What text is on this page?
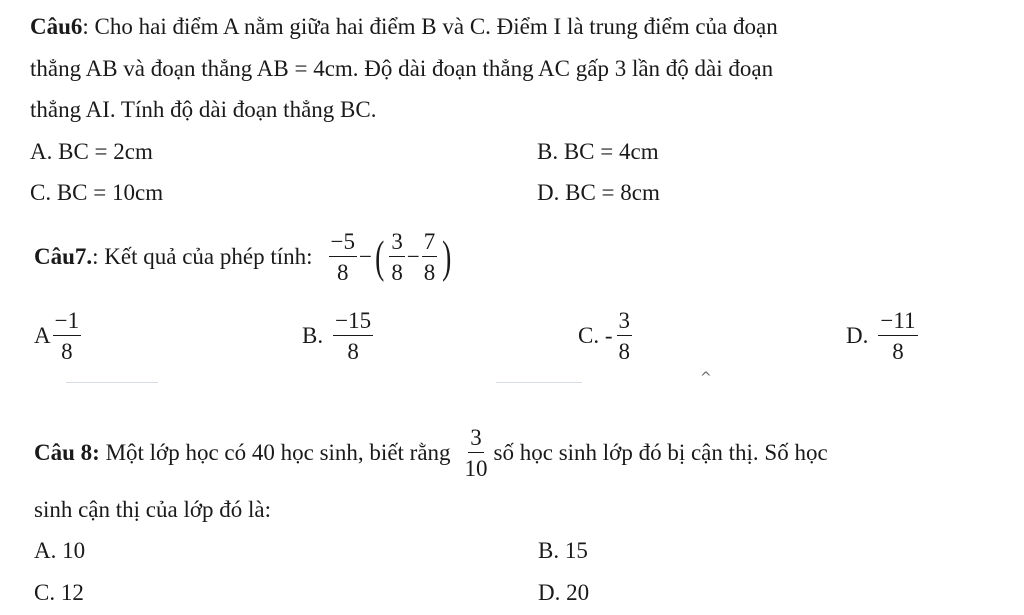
Câu6: Cho hai điểm A nằm giữa hai điểm B và C. Điểm I là trung điểm của đoạn
thẳng AB và đoạn thẳng AB = 4cm. Độ dài đoạn thẳng AC gấp 3 lần độ dài đoạn
thẳng AI. Tính độ dài đoạn thẳng BC.
A. BC = 2cm	B. BC = 4cm
C. BC = 10cm	D. BC = 8cm
Câu7. : Kết quả của phép tính: $\frac{-5}{8}$ − ( $\frac{3}{8} - \frac{7}{8}$ )
A $\frac{-1}{8}$	B. $\frac{-15}{8}$	C. - $\frac{3}{8}$	D. $\frac{-11}{8}$
^
Câu 8: Một lớp học có 40 học sinh, biết rằng $\frac{3}{10}$ số học sinh lớp đó bị cận thị. Số học
sinh cận thị của lớp đó là:
A. 10	B. 15
C. 12	D. 20
